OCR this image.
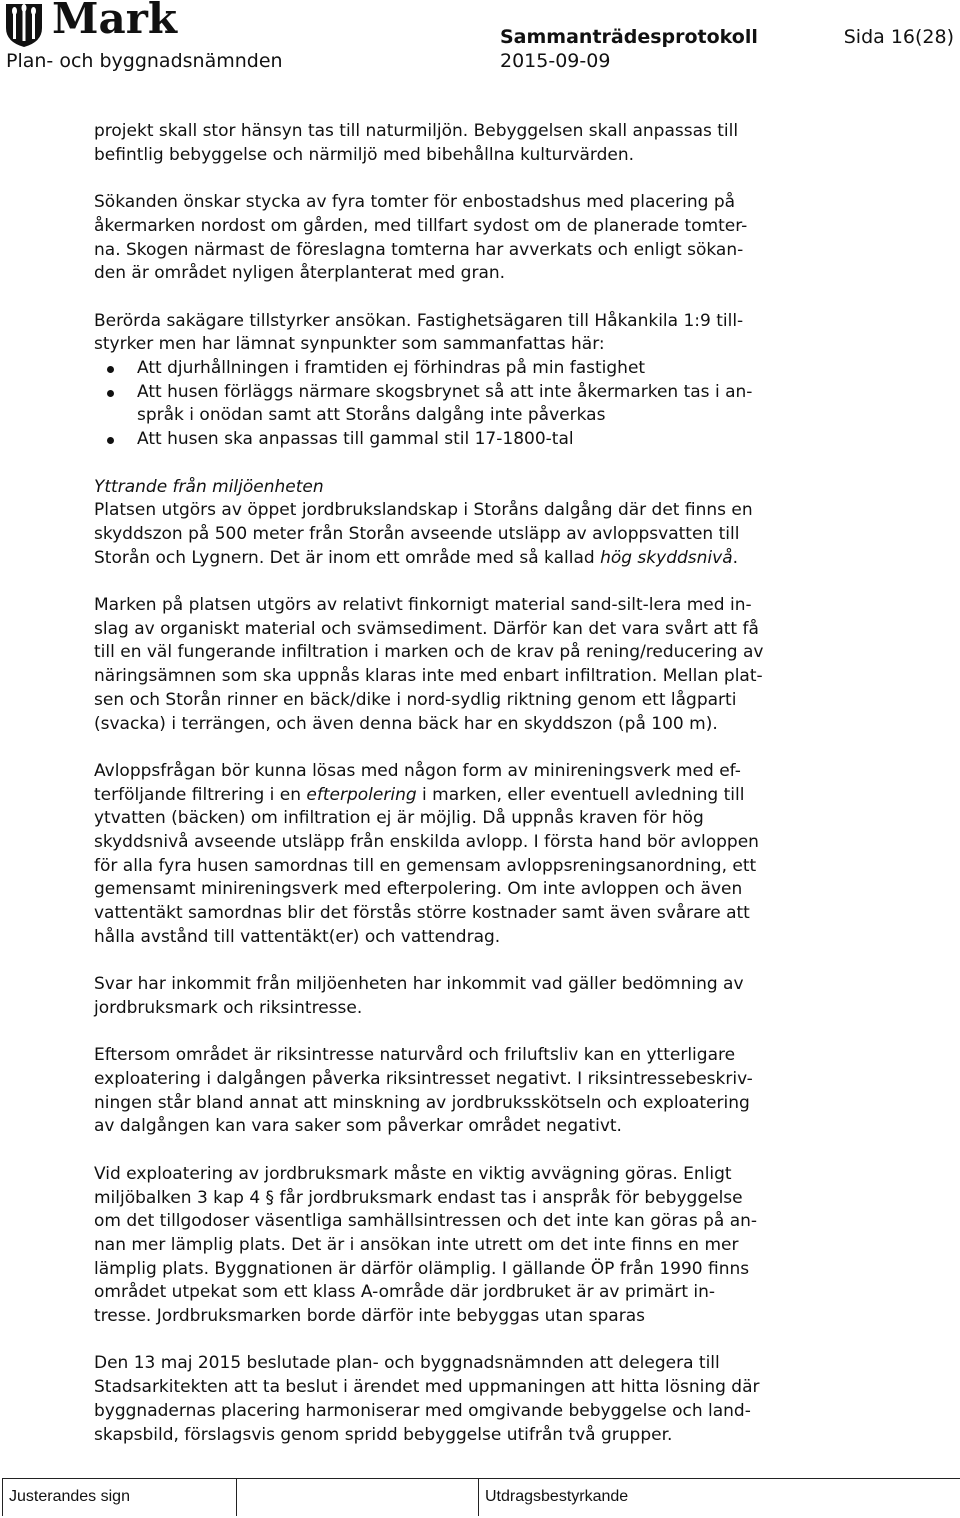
Mark
Plan- och byggnadsnämnden
Sammanträdesprotokoll
2015-09-09
Sida 16(28)

projekt skall stor hänsyn tas till naturmiljön. Bebyggelsen skall anpassas till
befintlig bebyggelse och närmiljö med bibehållna kulturvärden.

Sökanden önskar stycka av fyra tomter för enbostadshus med placering på
åkermarken nordost om gården, med tillfart sydost om de planerade tomter-
na. Skogen närmast de föreslagna tomterna har avverkats och enligt sökan-
den är området nyligen återplanterat med gran.

Berörda sakägare tillstyrker ansökan. Fastighetsägaren till Håkankila 1:9 till-
styrker men har lämnat synpunkter som sammanfattas här:
Att djurhållningen i framtiden ej förhindras på min fastighet
Att husen förläggs närmare skogsbrynet så att inte åkermarken tas i an-
språk i onödan samt att Storåns dalgång inte påverkas
Att husen ska anpassas till gammal stil 17-1800-tal
Yttrande från miljöenheten

Platsen utgörs av öppet jordbrukslandskap i Storåns dalgång där det finns en
skyddszon på 500 meter från Storån avseende utsläpp av avloppsvatten till
Storån och Lygnern. Det är inom ett område med så kallad hög skyddsnivå.

Marken på platsen utgörs av relativt finkornigt material sand-silt-lera med in-
slag av organiskt material och svämsediment. Därför kan det vara svårt att få
till en väl fungerande infiltration i marken och de krav på rening/reducering av
näringsämnen som ska uppnås klaras inte med enbart infiltration. Mellan plat-
sen och Storån rinner en bäck/dike i nord-sydlig riktning genom ett lågparti
(svacka) i terrängen, och även denna bäck har en skyddszon (på 100 m).

Avloppsfrågan bör kunna lösas med någon form av minireningsverk med ef-
terföljande filtrering i en efterpolering i marken, eller eventuell avledning till
ytvatten (bäcken) om infiltration ej är möjlig. Då uppnås kraven för hög
skyddsnivå avseende utsläpp från enskilda avlopp. I första hand bör avloppen
för alla fyra husen samordnas till en gemensam avloppsreningsanordning, ett
gemensamt minireningsverk med efterpolering. Om inte avloppen och även
vattentäkt samordnas blir det förstås större kostnader samt även svårare att
hålla avstånd till vattentäkt(er) och vattendrag.

Svar har inkommit från miljöenheten har inkommit vad gäller bedömning av
jordbruksmark och riksintresse.

Eftersom området är riksintresse naturvård och friluftsliv kan en ytterligare
exploatering i dalgången påverka riksintresset negativt. I riksintressebeskriv-
ningen står bland annat att minskning av jordbruksskötseln och exploatering
av dalgången kan vara saker som påverkar området negativt.

Vid exploatering av jordbruksmark måste en viktig avvägning göras. Enligt
miljöbalken 3 kap 4 § får jordbruksmark endast tas i anspråk för bebyggelse
om det tillgodoser väsentliga samhällsintressen och det inte kan göras på an-
nan mer lämplig plats. Det är i ansökan inte utrett om det inte finns en mer
lämplig plats. Byggnationen är därför olämplig. I gällande ÖP från 1990 finns
området utpekat som ett klass A-område där jordbruket är av primärt in-
tresse. Jordbruksmarken borde därför inte bebyggas utan sparas

Den 13 maj 2015 beslutade plan- och byggnadsnämnden att delegera till
Stadsarkitekten att ta beslut i ärendet med uppmaningen att hitta lösning där
byggnadernas placering harmoniserar med omgivande bebyggelse och land-
skapsbild, förslagsvis genom spridd bebyggelse utifrån två grupper.

Justerandes sign	Utdragsbestyrkande
